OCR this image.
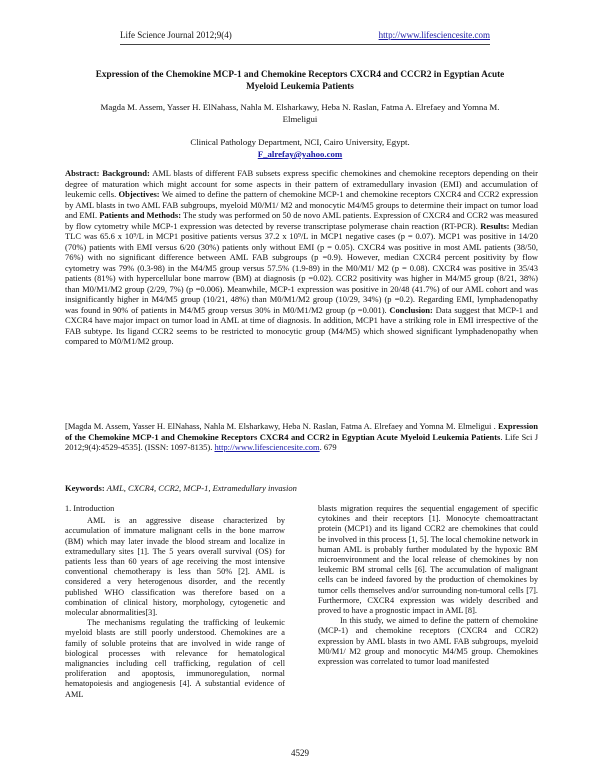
Life Science Journal 2012;9(4)	http://www.lifesciencesite.com
Expression of the Chemokine MCP-1 and Chemokine Receptors CXCR4 and CCCR2 in Egyptian Acute Myeloid Leukemia Patients
Magda M. Assem, Yasser H. ElNahass, Nahla M. Elsharkawy, Heba N. Raslan, Fatma A. Elrefaey and Yomna M. Elmeligui
Clinical Pathology Department, NCI, Cairo University, Egypt.
F_alrefay@yahoo.com
Abstract: Background: AML blasts of different FAB subsets express specific chemokines and chemokine receptors depending on their degree of maturation which might account for some aspects in their pattern of extramedullary invasion (EMI) and accumulation of leukemic cells. Objectives: We aimed to define the pattern of chemokine MCP-1 and chemokine receptors CXCR4 and CCR2 expression by AML blasts in two AML FAB subgroups, myeloid M0/M1/ M2 and monocytic M4/M5 groups to determine their impact on tumor load and EMI. Patients and Methods: The study was performed on 50 de novo AML patients. Expression of CXCR4 and CCR2 was measured by flow cytometry while MCP-1 expression was detected by reverse transcriptase polymerase chain reaction (RT-PCR). Results: Median TLC was 65.6 x 10⁹/L in MCP1 positive patients versus 37.2 x 10⁹/L in MCP1 negative cases (p = 0.07). MCP1 was positive in 14/20 (70%) patients with EMI versus 6/20 (30%) patients only without EMI (p = 0.05). CXCR4 was positive in most AML patients (38/50, 76%) with no significant difference between AML FAB subgroups (p =0.9). However, median CXCR4 percent positivity by flow cytometry was 79% (0.3-98) in the M4/M5 group versus 57.5% (1.9-89) in the M0/M1/ M2 (p = 0.08). CXCR4 was positive in 35/43 patients (81%) with hypercellular bone marrow (BM) at diagnosis (p =0.02). CCR2 positivity was higher in M4/M5 group (8/21, 38%) than M0/M1/M2 group (2/29, 7%) (p =0.006). Meanwhile, MCP-1 expression was positive in 20/48 (41.7%) of our AML cohort and was insignificantly higher in M4/M5 group (10/21, 48%) than M0/M1/M2 group (10/29, 34%) (p =0.2). Regarding EMI, lymphadenopathy was found in 90% of patients in M4/M5 group versus 30% in M0/M1/M2 group (p =0.001). Conclusion: Data suggest that MCP-1 and CXCR4 have major impact on tumor load in AML at time of diagnosis. In addition, MCP1 have a striking role in EMI irrespective of the FAB subtype. Its ligand CCR2 seems to be restricted to monocytic group (M4/M5) which showed significant lymphadenopathy when compared to M0/M1/M2 group.
[Magda M. Assem, Yasser H. ElNahass, Nahla M. Elsharkawy, Heba N. Raslan, Fatma A. Elrefaey and Yomna M. Elmeligui . Expression of the Chemokine MCP-1 and Chemokine Receptors CXCR4 and CCR2 in Egyptian Acute Myeloid Leukemia Patients. Life Sci J 2012;9(4):4529-4535]. (ISSN: 1097-8135). http://www.lifesciencesite.com. 679
Keywords: AML, CXCR4, CCR2, MCP-1, Extramedullary invasion

1. Introduction

AML is an aggressive disease characterized by accumulation of immature malignant cells in the bone marrow (BM) which may later invade the blood stream and localize in extramedullary sites [1]. The 5 years overall survival (OS) for patients less than 60 years of age receiving the most intensive conventional chemotherapy is less than 50% [2]. AML is considered a very heterogenous disorder, and the recently published WHO classification was therefore based on a combination of clinical history, morphology, cytogenetic and molecular abnormalities[3].

The mechanisms regulating the trafficking of leukemic myeloid blasts are still poorly understood. Chemokines are a family of soluble proteins that are involved in wide range of biological processes with relevance for hematological malignancies including cell trafficking, regulation of cell proliferation and apoptosis, immunoregulation, normal hematopoiesis and angiogenesis [4]. A substantial evidence of AML

blasts migration requires the sequential engagement of specific cytokines and their receptors [1]. Monocyte chemoattractant protein (MCP1) and its ligand CCR2 are chemokines that could be involved in this process [1, 5]. The local chemokine network in human AML is probably further modulated by the hypoxic BM microenvironment and the local release of chemokines by non leukemic BM stromal cells [6]. The accumulation of malignant cells can be indeed favored by the production of chemokines by tumor cells themselves and/or surrounding non-tumoral cells [7]. Furthermore, CXCR4 expression was widely described and proved to have a prognostic impact in AML [8].

In this study, we aimed to define the pattern of chemokine (MCP-1) and chemokine receptors (CXCR4 and CCR2) expression by AML blasts in two AML FAB subgroups, myeloid M0/M1/ M2 group and monocytic M4/M5 group. Chemokines expression was correlated to tumor load manifested

4529
